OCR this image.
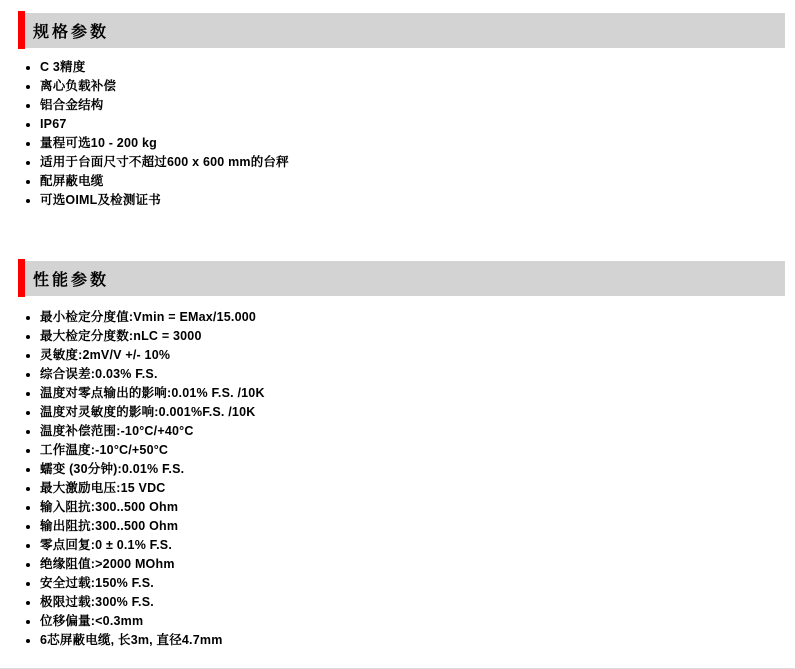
规格参数
• C 3精度
• 离心负载补偿
• 铝合金结构
• IP67
• 量程可选10 - 200 kg
• 适用于台面尺寸不超过600 x 600 mm的台秤
• 配屏蔽电缆
• 可选OIML及检测证书
性能参数
• 最小检定分度值:Vmin = EMax/15.000
• 最大检定分度数:nLC = 3000
• 灵敏度:2mV/V +/- 10%
• 综合误差:0.03% F.S.
• 温度对零点输出的影响:0.01% F.S. /10K
• 温度对灵敏度的影响:0.001%F.S. /10K
• 温度补偿范围:-10°C/+40°C
• 工作温度:-10°C/+50°C
• 蠕变 (30分钟):0.01% F.S.
• 最大激励电压:15 VDC
• 输入阻抗:300..500 Ohm
• 输出阻抗:300..500 Ohm
• 零点回复:0 ± 0.1% F.S.
• 绝缘阻值:>2000 MOhm
• 安全过载:150% F.S.
• 极限过载:300% F.S.
• 位移偏量:<0.3mm
• 6芯屏蔽电缆, 长3m, 直径4.7mm
